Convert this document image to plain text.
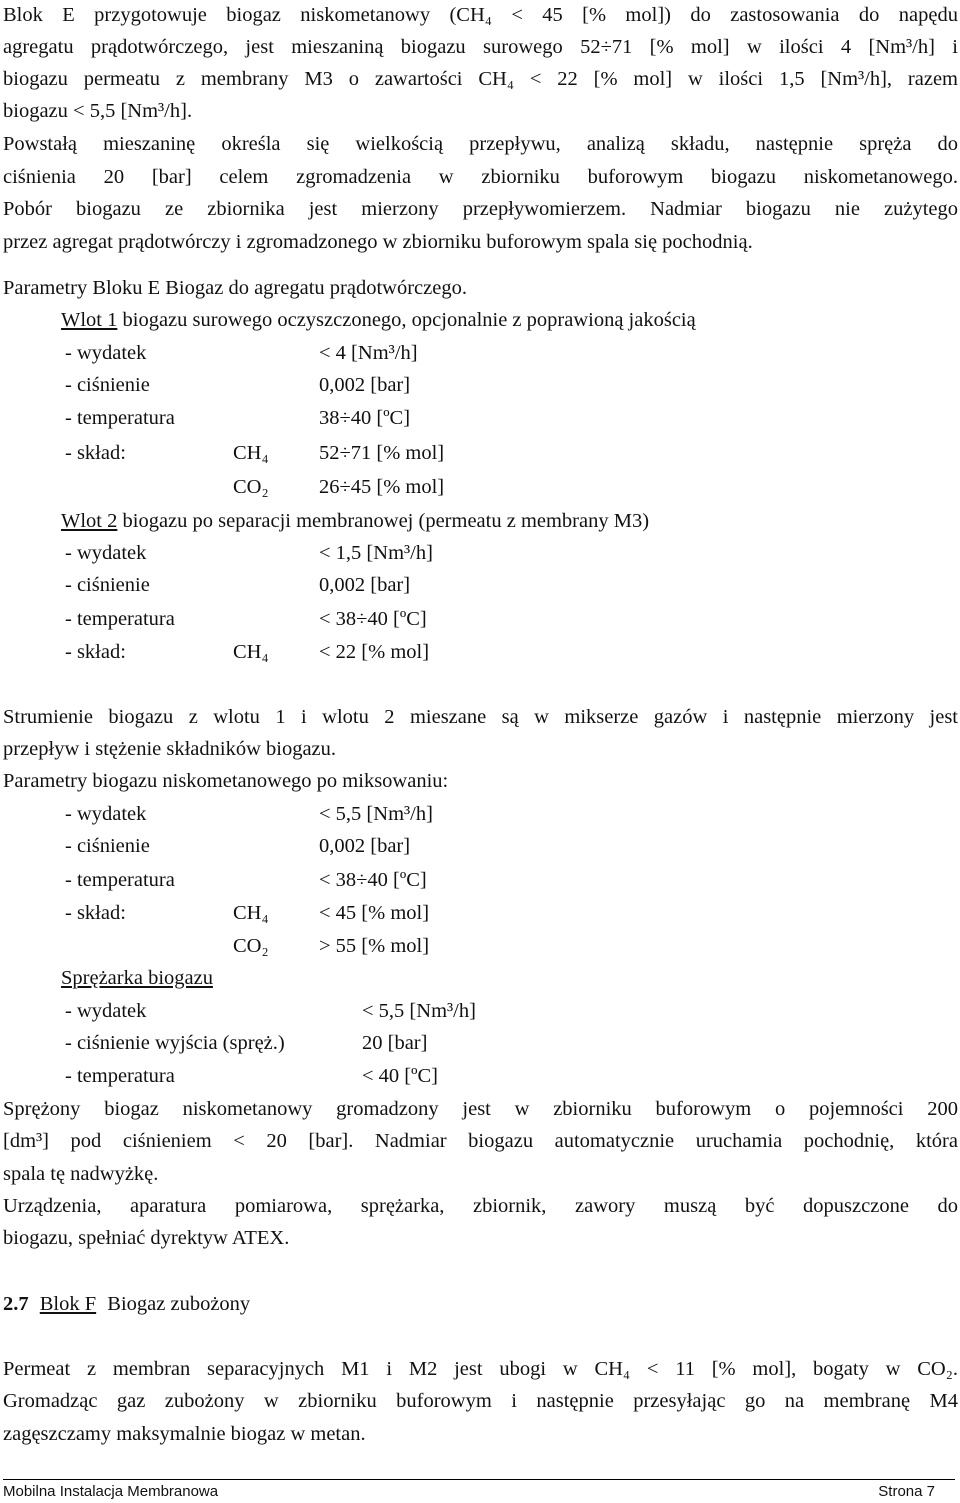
Blok E przygotowuje biogaz niskometanowy (CH₄ < 45 [% mol]) do zastosowania do napędu
agregatu prądotwórczego, jest mieszaniną biogazu surowego 52÷71 [% mol] w ilości 4 [Nm³/h] i
biogazu permeatu z membrany M3 o zawartości CH₄ < 22 [% mol] w ilości 1,5 [Nm³/h], razem
biogazu < 5,5 [Nm³/h].
Powstałą mieszaninę określa się wielkością przepływu, analizą składu, następnie spręża do
ciśnienia 20 [bar] celem zgromadzenia w zbiorniku buforowym biogazu niskometanowego.
Pobór biogazu ze zbiornika jest mierzony przepływomierzem. Nadmiar biogazu nie zużytego
przez agregat prądotwórczy i zgromadzonego w zbiorniku buforowym spala się pochodnią.
Parametry Bloku E Biogaz do agregatu prądotwórczego.
Wlot 1 biogazu surowego oczyszczonego, opcjonalnie z poprawioną jakością
- wydatek	< 4 [Nm³/h]
- ciśnienie	0,002 [bar]
- temperatura	38÷40 [ºC]
- skład:	CH₄ 52÷71 [% mol]
CO₂ 26÷45 [% mol]
Wlot 2 biogazu po separacji membranowej (permeatu z membrany M3)
- wydatek	< 1,5 [Nm³/h]
- ciśnienie	0,002 [bar]
- temperatura	< 38÷40 [ºC]
- skład:	CH₄ < 22 [% mol]
Strumienie biogazu z wlotu 1 i wlotu 2 mieszane są w mikserze gazów i następnie mierzony jest
przepływ i stężenie składników biogazu.
Parametry biogazu niskometanowego po miksowaniu:
- wydatek	< 5,5 [Nm³/h]
- ciśnienie	0,002 [bar]
- temperatura	< 38÷40 [ºC]
- skład:	CH₄ < 45 [% mol]
CO₂ > 55 [% mol]
Sprężarka biogazu
- wydatek	< 5,5 [Nm³/h]
- ciśnienie wyjścia (spręż.)	20 [bar]
- temperatura	< 40 [ºC]
Sprężony biogaz niskometanowy gromadzony jest w zbiorniku buforowym o pojemności 200
[dm³] pod ciśnieniem < 20 [bar]. Nadmiar biogazu automatycznie uruchamia pochodnię, która
spala tę nadwyżkę.
Urządzenia, aparatura pomiarowa, sprężarka, zbiornik, zawory muszą być dopuszczone do
biogazu, spełniać dyrektyw ATEX.
2.7 Blok F Biogaz zubożony
Permeat z membran separacyjnych M1 i M2 jest ubogi w CH₄ < 11 [% mol], bogaty w CO₂.
Gromadząc gaz zubożony w zbiorniku buforowym i następnie przesyłając go na membranę M4
zagęszczamy maksymalnie biogaz w metan.
Mobilna Instalacja Membranowa	Strona 7
